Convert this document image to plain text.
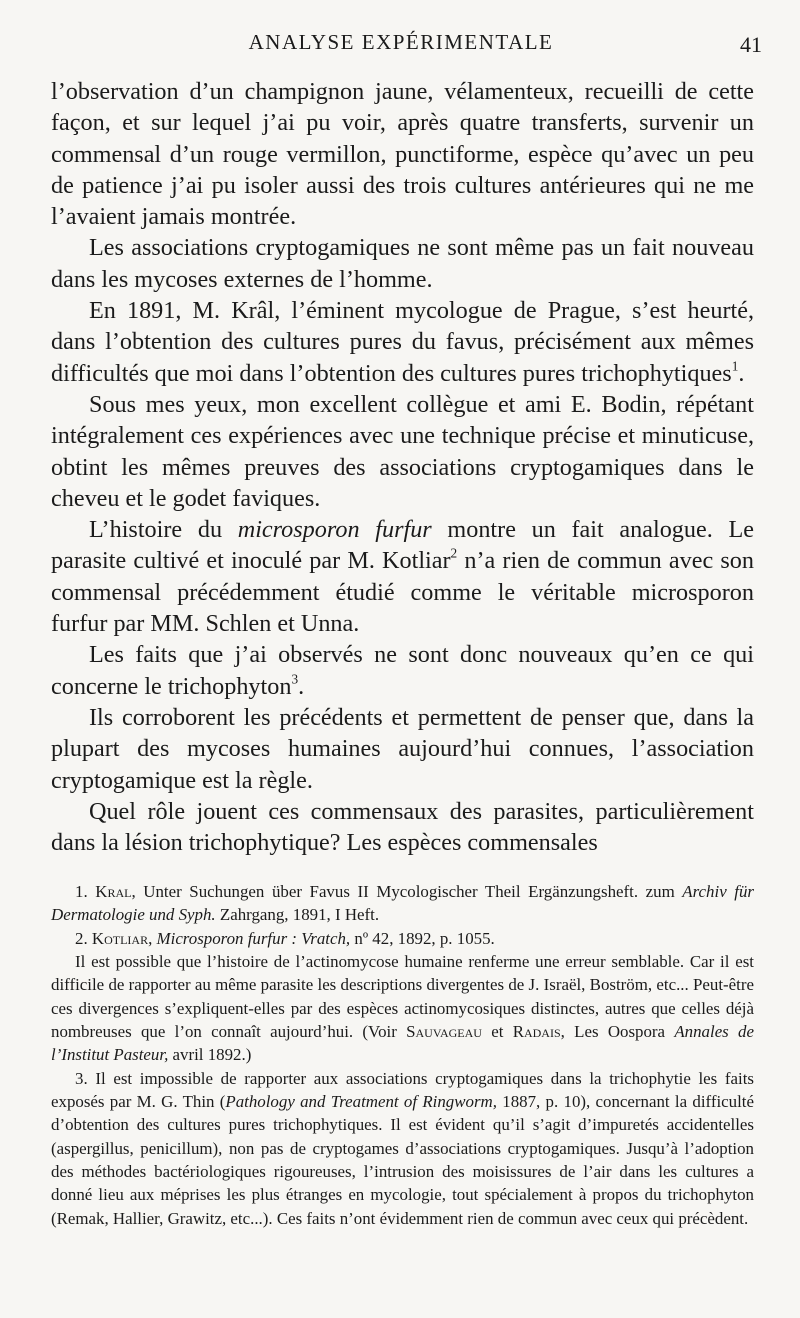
ANALYSE EXPÉRIMENTALE	41

l’observation d’un champignon jaune, vélamenteux, recueilli de cette façon, et sur lequel j’ai pu voir, après quatre transferts, survenir un commensal d’un rouge vermillon, punctiforme, espèce qu’avec un peu de patience j’ai pu isoler aussi des trois cultures antérieures qui ne me l’avaient jamais montrée.

Les associations cryptogamiques ne sont même pas un fait nouveau dans les mycoses externes de l’homme.

En 1891, M. Krâl, l’éminent mycologue de Prague, s’est heurté, dans l’obtention des cultures pures du favus, précisément aux mêmes difficultés que moi dans l’obtention des cultures pures trichophytiques$^1$.

Sous mes yeux, mon excellent collègue et ami E. Bodin, répétant intégralement ces expériences avec une technique précise et minuticuse, obtint les mêmes preuves des associations cryptogamiques dans le cheveu et le godet faviques.

L’histoire du microsporon furfur montre un fait analogue. Le parasite cultivé et inoculé par M. Kotliar$^2$ n’a rien de commun avec son commensal précédemment étudié comme le véritable microsporon furfur par MM. Schlen et Unna.

Les faits que j’ai observés ne sont donc nouveaux qu’en ce qui concerne le trichophyton$^3$.

Ils corroborent les précédents et permettent de penser que, dans la plupart des mycoses humaines aujourd’hui connues, l’association cryptogamique est la règle.

Quel rôle jouent ces commensaux des parasites, particulièrement dans la lésion trichophytique? Les espèces commensales

1. Kral, Unter Suchungen über Favus II Mycologischer Theil Ergänzungsheft. zum Archiv für Dermatologie und Syph. Zahrgang, 1891, I Heft.

2. Kotliar, Microsporon furfur : Vratch, nº 42, 1892, p. 1055.

Il est possible que l’histoire de l’actinomycose humaine renferme une erreur semblable. Car il est difficile de rapporter au même parasite les descriptions divergentes de J. Israël, Boström, etc... Peut-être ces divergences s’expliquent-elles par des espèces actinomycosiques distinctes, autres que celles déjà nombreuses que l’on connaît aujourd’hui. (Voir Sauvageau et Radais, Les Oospora Annales de l’Institut Pasteur, avril 1892.)

3. Il est impossible de rapporter aux associations cryptogamiques dans la trichophytie les faits exposés par M. G. Thin (Pathology and Treatment of Ringworm, 1887, p. 10), concernant la difficulté d’obtention des cultures pures trichophytiques. Il est évident qu’il s’agit d’impuretés accidentelles (aspergillus, penicillum), non pas de cryptogames d’associations cryptogamiques. Jusqu’à l’adoption des méthodes bactériologiques rigoureuses, l’intrusion des moisissures de l’air dans les cultures a donné lieu aux méprises les plus étranges en mycologie, tout spécialement à propos du trichophyton (Remak, Hallier, Grawitz, etc...). Ces faits n’ont évidemment rien de commun avec ceux qui précèdent.
